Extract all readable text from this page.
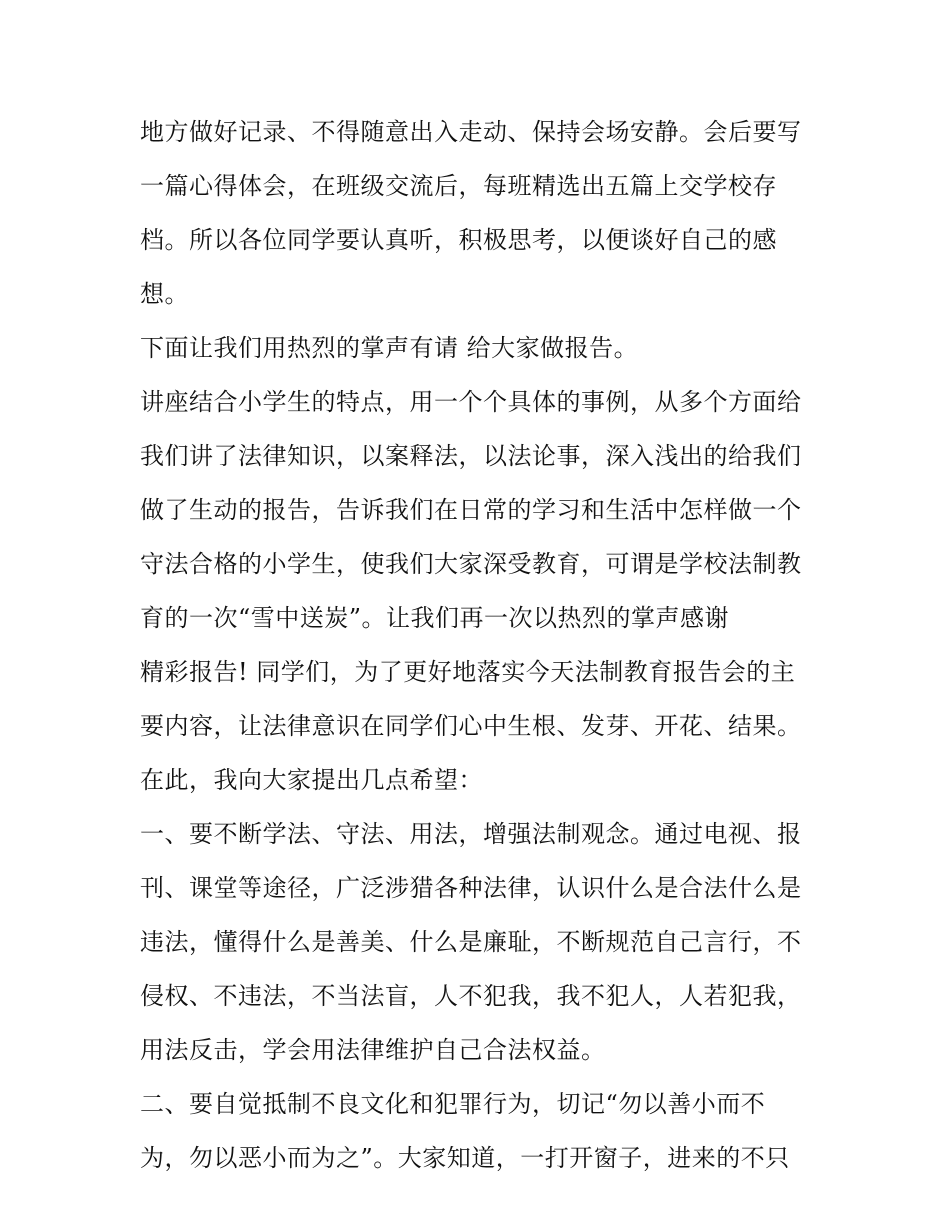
地方做好记录、不得随意出入走动、保持会场安静。会后要写
一篇心得体会，在班级交流后，每班精选出五篇上交学校存
档。所以各位同学要认真听，积极思考，以便谈好自己的感
想。
下面让我们用热烈的掌声有请 给大家做报告。
讲座结合小学生的特点，用一个个具体的事例，从多个方面给
我们讲了法律知识，以案释法，以法论事，深入浅出的给我们
做了生动的报告，告诉我们在日常的学习和生活中怎样做一个
守法合格的小学生，使我们大家深受教育，可谓是学校法制教
育的一次“雪中送炭”。让我们再一次以热烈的掌声感谢
精彩报告! 同学们，为了更好地落实今天法制教育报告会的主
要内容，让法律意识在同学们心中生根、发芽、开花、结果。
在此，我向大家提出几点希望：
一、要不断学法、守法、用法，增强法制观念。通过电视、报
刊、课堂等途径，广泛涉猎各种法律，认识什么是合法什么是
违法，懂得什么是善美、什么是廉耻，不断规范自己言行，不
侵权、不违法，不当法盲，人不犯我，我不犯人，人若犯我，
用法反击，学会用法律维护自己合法权益。
二、要自觉抵制不良文化和犯罪行为，切记“勿以善小而不
为，勿以恶小而为之”。大家知道，一打开窗子，进来的不只
